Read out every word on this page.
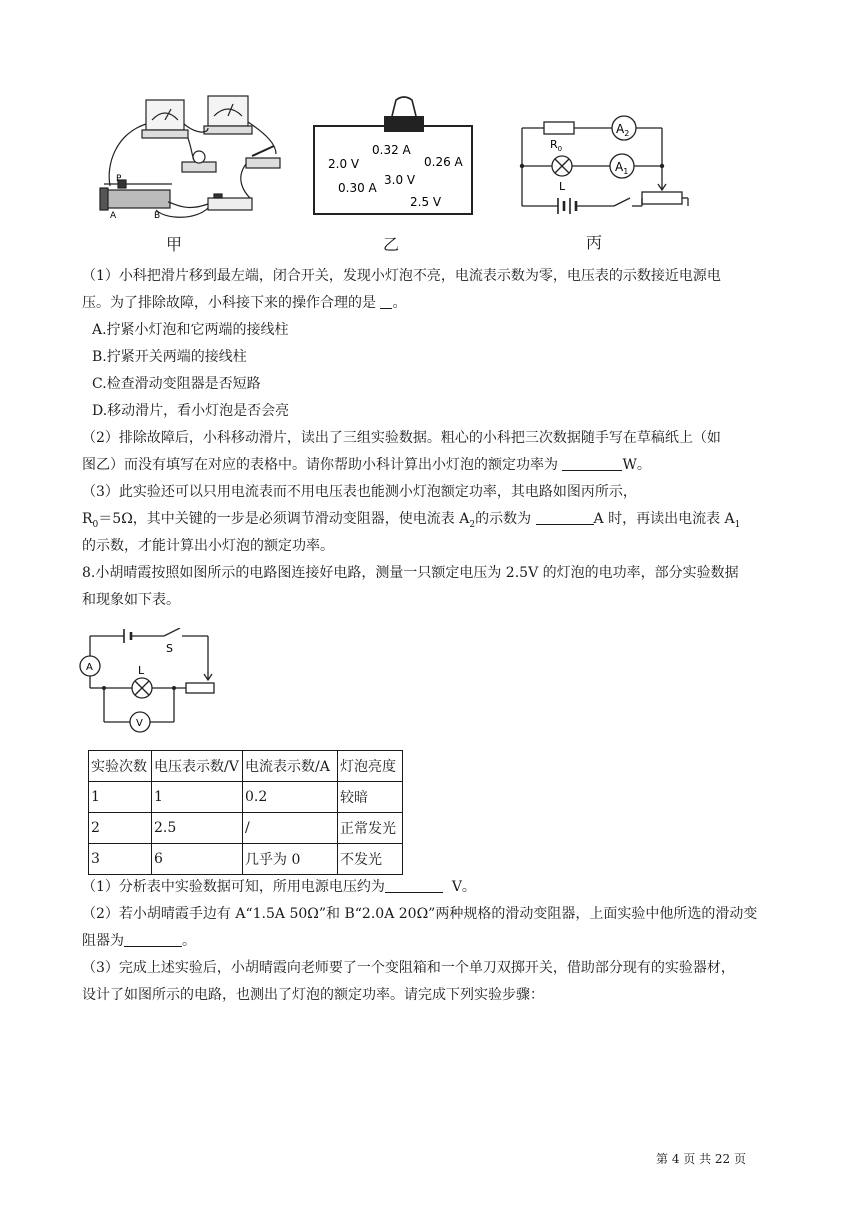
P
A	B
甲
0.32 A
2.0 V	0.26 A
3.0 V
0.30 A
2.5 V
乙
$A_2$
$A_1$
$R_0$
L
丙
（1）小科把滑片移到最左端，闭合开关，发现小灯泡不亮，电流表示数为零，电压表的示数接近电源电
压。为了排除故障，小科接下来的操作合理的是 。
A.拧紧小灯泡和它两端的接线柱
B.拧紧开关两端的接线柱
C.检查滑动变阻器是否短路
D.移动滑片，看小灯泡是否会亮
（2）排除故障后，小科移动滑片，读出了三组实验数据。粗心的小科把三次数据随手写在草稿纸上（如
图乙）而没有填写在对应的表格中。请你帮助小科计算出小灯泡的额定功率为	W。
（3）此实验还可以只用电流表而不用电压表也能测小灯泡额定功率，其电路如图丙所示，
$R_0=5\Omega$，其中关键的一步是必须调节滑动变阻器，使电流表 $A_2$的示数为	A 时，再读出电流表 $A_1$
的示数，才能计算出小灯泡的额定功率。
8.小胡晴霞按照如图所示的电路图连接好电路，测量一只额定电压为 2.5V 的灯泡的电功率，部分实验数据
和现象如下表。
A
V
S
L
实验次数	电压表示数/V	电流表示数/A	灯泡亮度
1	1	0.2	较暗
2	2.5	/	正常发光
3	6	几乎为 0	不发光
（1）分析表中实验数据可知，所用电源电压约为	V。
（2）若小胡晴霞手边有 A“1.5A 50Ω”和 B“2.0A 20Ω”两种规格的滑动变阻器，上面实验中他所选的滑动变
阻器为	。
（3）完成上述实验后，小胡晴霞向老师要了一个变阻箱和一个单刀双掷开关，借助部分现有的实验器材，
设计了如图所示的电路，也测出了灯泡的额定功率。请完成下列实验步骤：
第 4 页 共 22 页
